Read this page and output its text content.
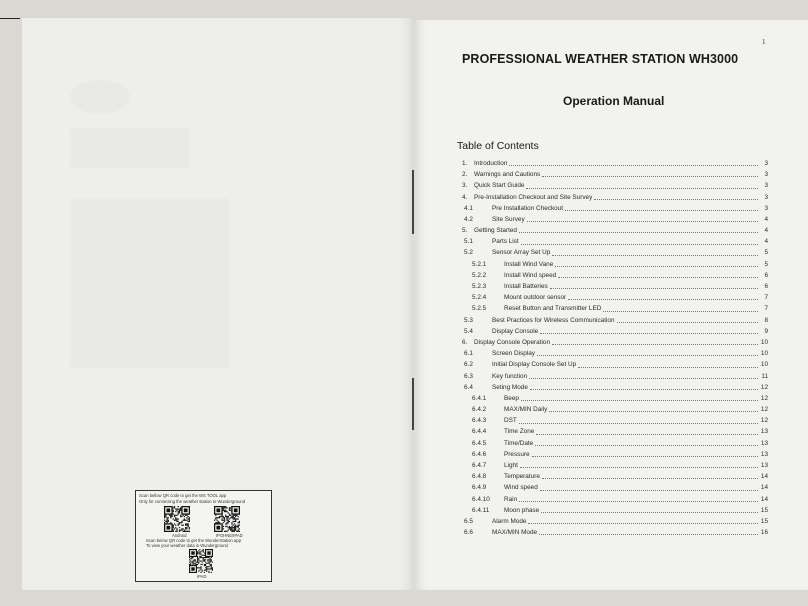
1
PROFESSIONAL WEATHER STATION WH3000
Operation Manual
Table of Contents
1.	Introduction	3
2.	Warnings and Cautions	3
3.	Quick Start Guide	3
4.	Pre-Installation Checkout and Site Survey	3
4.1	Pre Installation Checkout	3
4.2	Site Survey	4
5.	Getting Started	4
5.1	Parts List	4
5.2	Sensor Array Set Up	5
5.2.1	Install Wind Vane	5
5.2.2	Install Wind speed	6
5.2.3	Install Batteries	6
5.2.4	Mount outdoor sensor	7
5.2.5	Reset Button and Transmitter LED	7
5.3	Best Practices for Wireless Communication	8
5.4	Display Console	9
6.	Display Console Operation	10
6.1	Screen Display	10
6.2	Initial Display Console Set Up	10
6.3	Key function	11
6.4	Seting Mode	12
6.4.1	Beep	12
6.4.2	MAX/MIN Daily	12
6.4.3	DST	12
6.4.4	Time Zone	13
6.4.5	Time/Date	13
6.4.6	Pressure	13
6.4.7	Light	13
6.4.8	Temperature	14
6.4.9	Wind speed	14
6.4.10	Rain	14
6.4.11	Moon phase	15
6.5	Alarm Mode	15
6.6	MAX/MIN Mode	16
Scan bellow QR code to get the WS TOOL app
Only for connecting the weather station to Wunderground
Android	IPOHNE/IPAD
Scan below QR code to get the WunderStation app
To view your weather data in Wunderground
IPAD
